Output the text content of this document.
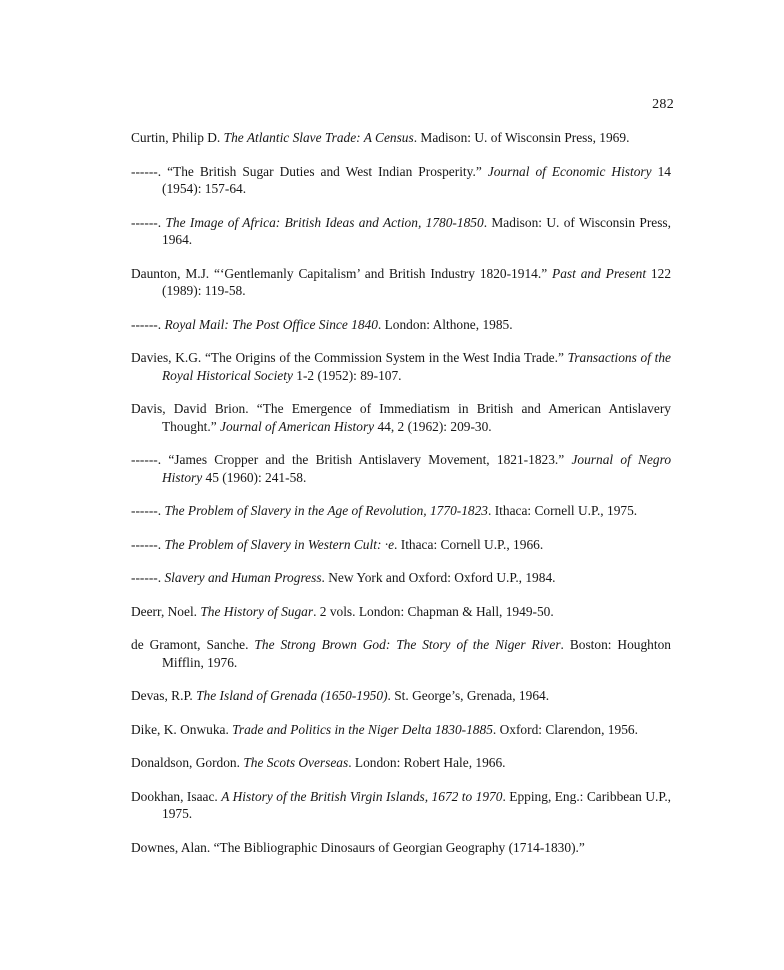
282

Curtin, Philip D. The Atlantic Slave Trade: A Census. Madison: U. of Wisconsin Press, 1969.

------. “The British Sugar Duties and West Indian Prosperity.” Journal of Economic History 14 (1954): 157-64.

------. The Image of Africa: British Ideas and Action, 1780-1850. Madison: U. of Wisconsin Press, 1964.

Daunton, M.J. “‘Gentlemanly Capitalism’ and British Industry 1820-1914.” Past and Present 122 (1989): 119-58.

------. Royal Mail: The Post Office Since 1840. London: Althone, 1985.

Davies, K.G. “The Origins of the Commission System in the West India Trade.” Transactions of the Royal Historical Society 1-2 (1952): 89-107.

Davis, David Brion. “The Emergence of Immediatism in British and American Antislavery Thought.” Journal of American History 44, 2 (1962): 209-30.

------. “James Cropper and the British Antislavery Movement, 1821-1823.” Journal of Negro History 45 (1960): 241-58.

------. The Problem of Slavery in the Age of Revolution, 1770-1823. Ithaca: Cornell U.P., 1975.

------. The Problem of Slavery in Western Cult: ·e. Ithaca: Cornell U.P., 1966.

------. Slavery and Human Progress. New York and Oxford: Oxford U.P., 1984.

Deerr, Noel. The History of Sugar. 2 vols. London: Chapman & Hall, 1949-50.

de Gramont, Sanche. The Strong Brown God: The Story of the Niger River. Boston: Houghton Mifflin, 1976.

Devas, R.P. The Island of Grenada (1650-1950). St. George’s, Grenada, 1964.

Dike, K. Onwuka. Trade and Politics in the Niger Delta 1830-1885. Oxford: Clarendon, 1956.

Donaldson, Gordon. The Scots Overseas. London: Robert Hale, 1966.

Dookhan, Isaac. A History of the British Virgin Islands, 1672 to 1970. Epping, Eng.: Caribbean U.P., 1975.

Downes, Alan. “The Bibliographic Dinosaurs of Georgian Geography (1714-1830).”
